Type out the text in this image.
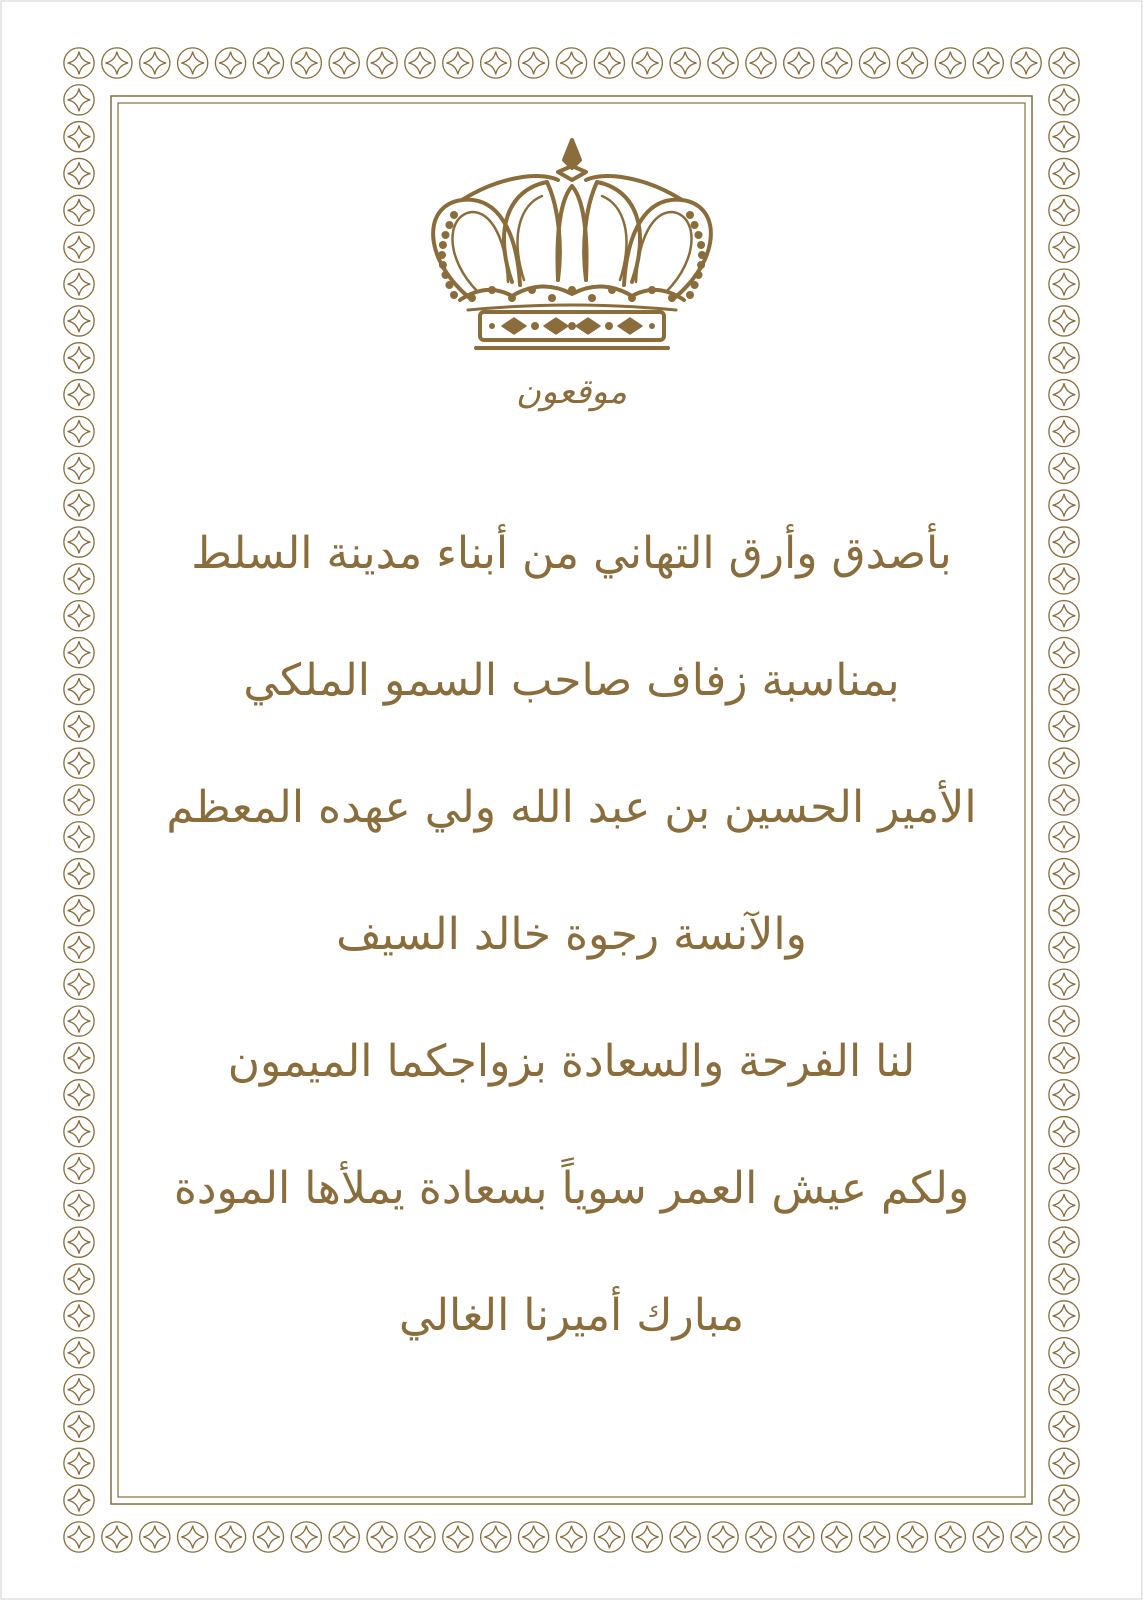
موقعون
بأصدق وأرق التهاني من أبناء مدينة السلط
بمناسبة زفاف صاحب السمو الملكي
الأمير الحسين بن عبد الله ولي عهده المعظم
والآنسة رجوة خالد السيف
لنا الفرحة والسعادة بزواجكما الميمون
ولكم عيش العمر سوياً بسعادة يملأها المودة
مبارك أميرنا الغالي
